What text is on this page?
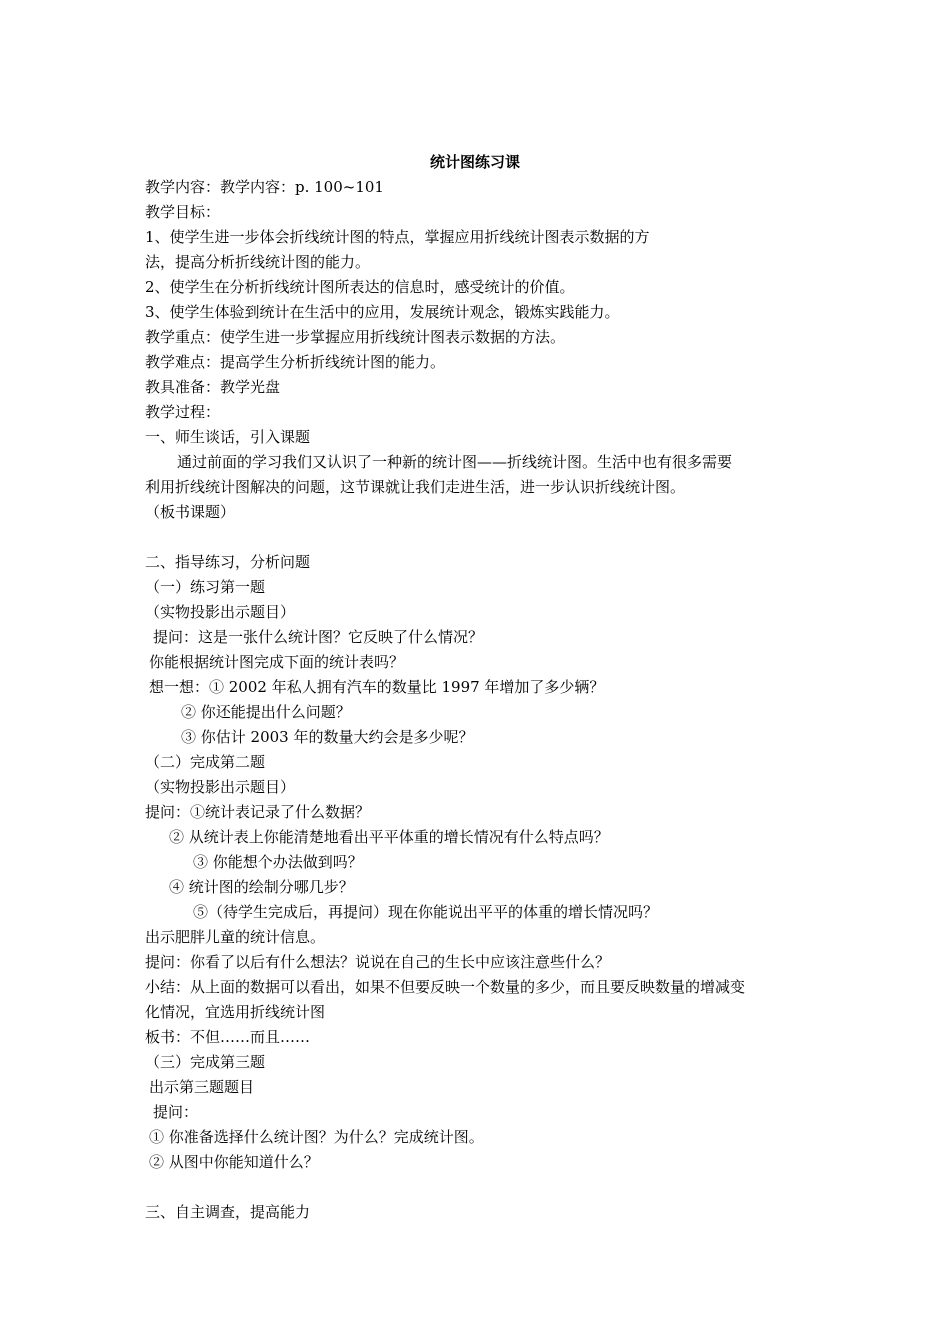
统计图练习课
教学内容：教学内容：p. 100~101
教学目标：
1、使学生进一步体会折线统计图的特点，掌握应用折线统计图表示数据的方
法，提高分析折线统计图的能力。
2、使学生在分析折线统计图所表达的信息时，感受统计的价值。
3、使学生体验到统计在生活中的应用，发展统计观念，锻炼实践能力。
教学重点：使学生进一步掌握应用折线统计图表示数据的方法。
教学难点：提高学生分析折线统计图的能力。
教具准备：教学光盘
教学过程：
一、师生谈话，引入课题
通过前面的学习我们又认识了一种新的统计图——折线统计图。生活中也有很多需要
利用折线统计图解决的问题，这节课就让我们走进生活，进一步认识折线统计图。
（板书课题）
二、指导练习，分析问题
（一）练习第一题
（实物投影出示题目）
提问：这是一张什么统计图？它反映了什么情况？
你能根据统计图完成下面的统计表吗？
想一想：① 2002 年私人拥有汽车的数量比 1997 年增加了多少辆？
② 你还能提出什么问题？
③ 你估计 2003 年的数量大约会是多少呢？
（二）完成第二题
（实物投影出示题目）
提问：①统计表记录了什么数据？
② 从统计表上你能清楚地看出平平体重的增长情况有什么特点吗？
③ 你能想个办法做到吗？
④ 统计图的绘制分哪几步？
⑤（待学生完成后，再提问）现在你能说出平平的体重的增长情况吗？
出示肥胖儿童的统计信息。
提问：你看了以后有什么想法？说说在自己的生长中应该注意些什么？
小结：从上面的数据可以看出，如果不但要反映一个数量的多少，而且要反映数量的增减变
化情况，宜选用折线统计图
板书：不但……而且……
（三）完成第三题
出示第三题题目
提问：
① 你准备选择什么统计图？为什么？完成统计图。
② 从图中你能知道什么？
三、自主调查，提高能力
